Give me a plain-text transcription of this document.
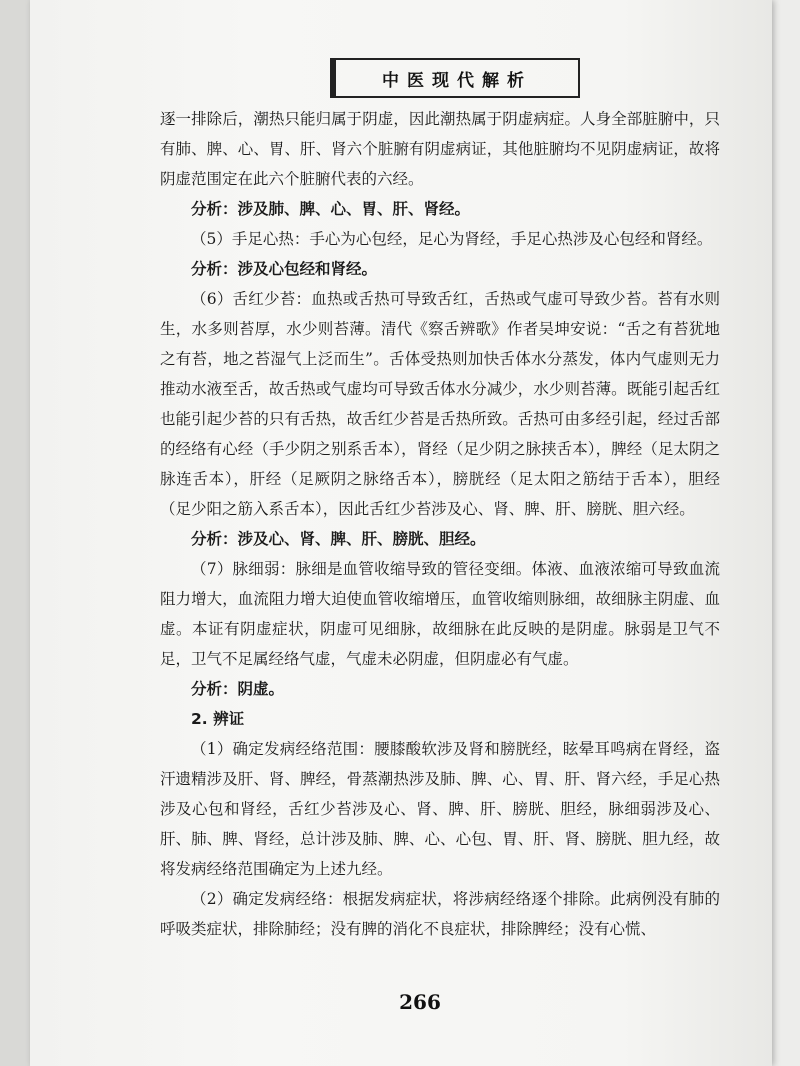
中医现代解析

逐一排除后，潮热只能归属于阴虚，因此潮热属于阴虚病症。人身全部脏腑中，只有肺、脾、心、胃、肝、肾六个脏腑有阴虚病证，其他脏腑均不见阴虚病证，故将阴虚范围定在此六个脏腑代表的六经。

分析：涉及肺、脾、心、胃、肝、肾经。

（5）手足心热：手心为心包经，足心为肾经，手足心热涉及心包经和肾经。

分析：涉及心包经和肾经。

（6）舌红少苔：血热或舌热可导致舌红，舌热或气虚可导致少苔。苔有水则生，水多则苔厚，水少则苔薄。清代《察舌辨歌》作者吴坤安说：“舌之有苔犹地之有苔，地之苔湿气上泛而生”。舌体受热则加快舌体水分蒸发，体内气虚则无力推动水液至舌，故舌热或气虚均可导致舌体水分减少，水少则苔薄。既能引起舌红也能引起少苔的只有舌热，故舌红少苔是舌热所致。舌热可由多经引起，经过舌部的经络有心经（手少阴之别系舌本），肾经（足少阴之脉挟舌本），脾经（足太阴之脉连舌本），肝经（足厥阴之脉络舌本），膀胱经（足太阳之筋结于舌本），胆经（足少阳之筋入系舌本），因此舌红少苔涉及心、肾、脾、肝、膀胱、胆六经。

分析：涉及心、肾、脾、肝、膀胱、胆经。

（7）脉细弱：脉细是血管收缩导致的管径变细。体液、血液浓缩可导致血流阻力增大，血流阻力增大迫使血管收缩增压，血管收缩则脉细，故细脉主阴虚、血虚。本证有阴虚症状，阴虚可见细脉，故细脉在此反映的是阴虚。脉弱是卫气不足，卫气不足属经络气虚，气虚未必阴虚，但阴虚必有气虚。

分析：阴虚。

2. 辨证

（1）确定发病经络范围：腰膝酸软涉及肾和膀胱经，眩晕耳鸣病在肾经，盗汗遗精涉及肝、肾、脾经，骨蒸潮热涉及肺、脾、心、胃、肝、肾六经，手足心热涉及心包和肾经，舌红少苔涉及心、肾、脾、肝、膀胱、胆经，脉细弱涉及心、肝、肺、脾、肾经，总计涉及肺、脾、心、心包、胃、肝、肾、膀胱、胆九经，故将发病经络范围确定为上述九经。

（2）确定发病经络：根据发病症状，将涉病经络逐个排除。此病例没有肺的呼吸类症状，排除肺经；没有脾的消化不良症状，排除脾经；没有心慌、

266
